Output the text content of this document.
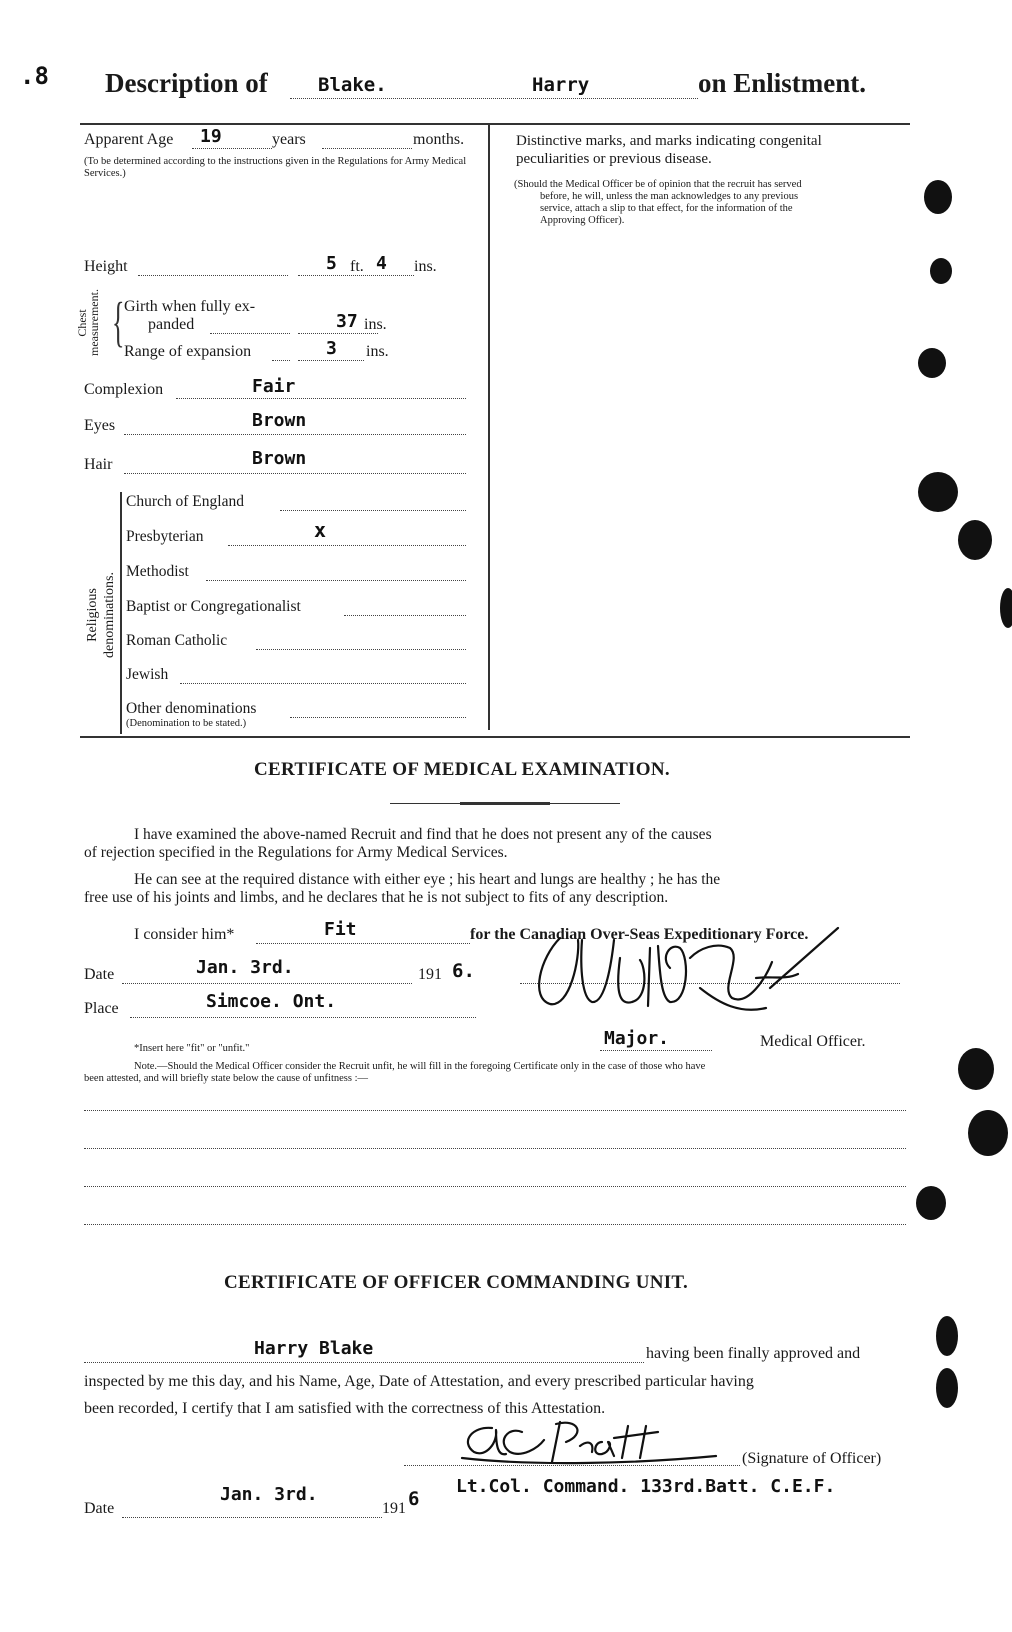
.8 Description of	Blake.	Harry	on Enlistment.
Apparent Age 19	years	months.
(To be determined according to the instructions given in the Regulations for Army Medical Services.)
Height	5 ft. 4 ins.
Chest measurement. { Girth when fully ex-
panded	37 ins.
Range of expansion	3 ins.
Complexion	Fair
Eyes	Brown
Hair	Brown
Religious denominations.
Church of England
Presbyterian	x
Methodist
Baptist or Congregationalist
Roman Catholic
Jewish
Other denominations
(Denomination to be stated.)
Distinctive marks, and marks indicating congenital
peculiarities or previous disease.
(Should the Medical Officer be of opinion that the recruit has served
before, he will, unless the man acknowledges to any previous
service, attach a slip to that effect, for the information of the
Approving Officer).
CERTIFICATE OF MEDICAL EXAMINATION.
I have examined the above-named Recruit and find that he does not present any of the causes
of rejection specified in the Regulations for Army Medical Services.
He can see at the required distance with either eye ; his heart and lungs are healthy ; he has the
free use of his joints and limbs, and he declares that he is not subject to fits of any description.
I consider him*	Fit	for the Canadian Over-Seas Expeditionary Force.
Date	Jan. 3rd.	191 6.
Place	Simcoe. Ont.
Major.	Medical Officer.
*Insert here "fit" or "unfit."
Note.—Should the Medical Officer consider the Recruit unfit, he will fill in the foregoing Certificate only in the case of those who have
been attested, and will briefly state below the cause of unfitness :—
CERTIFICATE OF OFFICER COMMANDING UNIT.
Harry Blake	having been finally approved and
inspected by me this day, and his Name, Age, Date of Attestation, and every prescribed particular having
been recorded, I certify that I am satisfied with the correctness of this Attestation.
(Signature of Officer)
Date
Jan. 3rd.
191 6
Lt.Col. Command. 133rd.Batt. C.E.F.
